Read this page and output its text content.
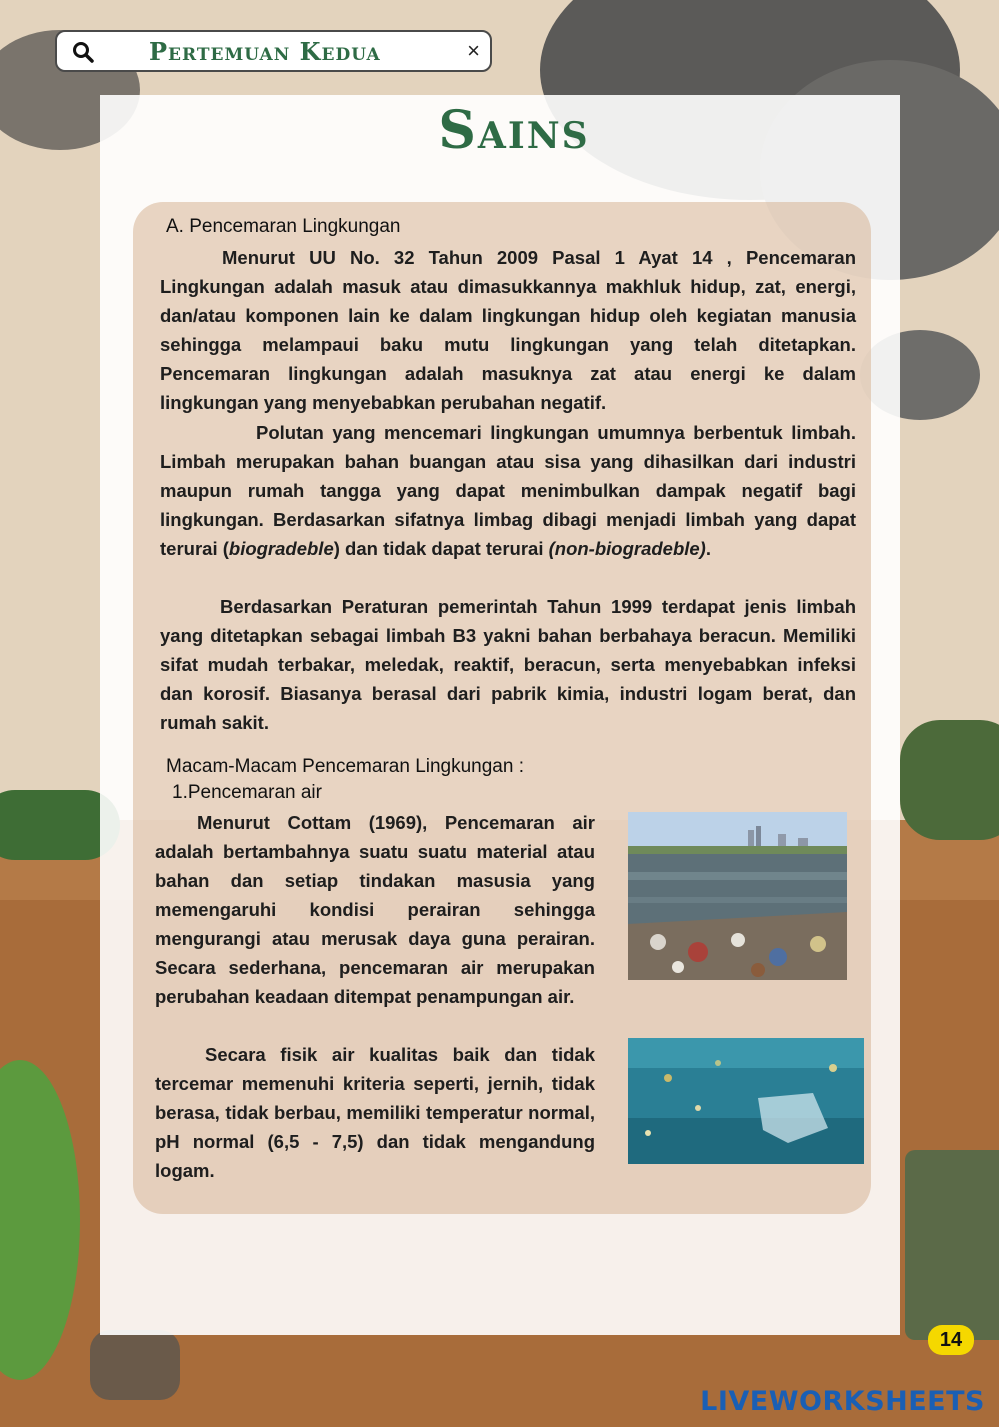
Pertemuan Kedua	×
Sains
A. Pencemaran Lingkungan
Menurut UU No. 32 Tahun 2009 Pasal 1 Ayat 14 , Pencemaran Lingkungan adalah masuk atau dimasukkannya makhluk hidup, zat, energi, dan/atau komponen lain ke dalam lingkungan hidup oleh kegiatan manusia sehingga melampaui baku mutu lingkungan yang telah ditetapkan. Pencemaran lingkungan adalah masuknya zat atau energi ke dalam lingkungan yang menyebabkan perubahan negatif.
Polutan yang mencemari lingkungan umumnya berbentuk limbah. Limbah merupakan bahan buangan atau sisa yang dihasilkan dari industri maupun rumah tangga yang dapat menimbulkan dampak negatif bagi lingkungan. Berdasarkan sifatnya limbag dibagi menjadi limbah yang dapat terurai (biogradeble) dan tidak dapat terurai (non-biogradeble).
Berdasarkan Peraturan pemerintah Tahun 1999 terdapat jenis limbah yang ditetapkan sebagai limbah B3 yakni bahan berbahaya beracun. Memiliki sifat mudah terbakar, meledak, reaktif, beracun, serta menyebabkan infeksi dan korosif. Biasanya berasal dari pabrik kimia, industri logam berat, dan rumah sakit.
Macam-Macam Pencemaran Lingkungan :
1.Pencemaran air
Menurut Cottam (1969), Pencemaran air adalah bertambahnya suatu suatu material atau bahan dan setiap tindakan masusia yang memengaruhi kondisi perairan sehingga mengurangi atau merusak daya guna perairan. Secara sederhana, pencemaran air merupakan perubahan keadaan ditempat penampungan air.
Secara fisik air kualitas baik dan tidak tercemar memenuhi kriteria seperti, jernih, tidak berasa, tidak berbau, memiliki temperatur normal, pH normal (6,5 - 7,5) dan tidak mengandung logam.
14
LIVEWORKSHEETS
